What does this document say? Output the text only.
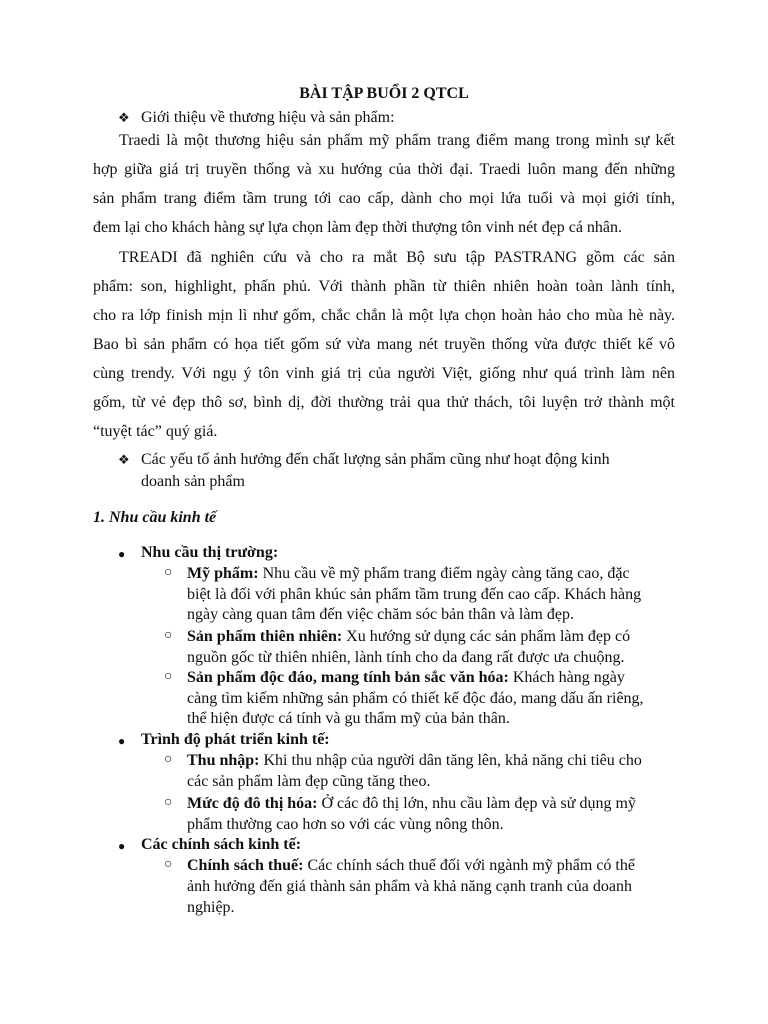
BÀI TẬP BUỔI 2 QTCL
❖ Giới thiệu về thương hiệu và sản phẩm:
Traedi là một thương hiệu sản phẩm mỹ phẩm trang điểm mang trong mình sự kết
hợp giữa giá trị truyền thống và xu hướng của thời đại. Traedi luôn mang đến những
sản phẩm trang điểm tầm trung tới cao cấp, dành cho mọi lứa tuổi và mọi giới tính,
đem lại cho khách hàng sự lựa chọn làm đẹp thời thượng tôn vinh nét đẹp cá nhân.
TREADI đã nghiên cứu và cho ra mắt Bộ sưu tập PASTRANG gồm các sản
phẩm: son, highlight, phấn phủ. Với thành phần từ thiên nhiên hoàn toàn lành tính,
cho ra lớp finish mịn lì như gốm, chắc chắn là một lựa chọn hoàn hảo cho mùa hè này.
Bao bì sản phẩm có họa tiết gốm sứ vừa mang nét truyền thống vừa được thiết kế vô
cùng trendy. Với ngụ ý tôn vinh giá trị của người Việt, giống như quá trình làm nên
gốm, từ vẻ đẹp thô sơ, bình dị, đời thường trải qua thử thách, tôi luyện trở thành một
“tuyệt tác” quý giá.
❖ Các yếu tố ảnh hưởng đến chất lượng sản phẩm cũng như hoạt động kinh
doanh sản phẩm
1. Nhu cầu kinh tế
● Nhu cầu thị trường:
○ Mỹ phẩm: Nhu cầu về mỹ phẩm trang điểm ngày càng tăng cao, đặc
biệt là đối với phân khúc sản phẩm tầm trung đến cao cấp. Khách hàng
ngày càng quan tâm đến việc chăm sóc bản thân và làm đẹp.
○ Sản phẩm thiên nhiên: Xu hướng sử dụng các sản phẩm làm đẹp có
nguồn gốc từ thiên nhiên, lành tính cho da đang rất được ưa chuộng.
○ Sản phẩm độc đáo, mang tính bản sắc văn hóa: Khách hàng ngày
càng tìm kiếm những sản phẩm có thiết kế độc đáo, mang dấu ấn riêng,
thể hiện được cá tính và gu thẩm mỹ của bản thân.
● Trình độ phát triển kinh tế:
○ Thu nhập: Khi thu nhập của người dân tăng lên, khả năng chi tiêu cho
các sản phẩm làm đẹp cũng tăng theo.
○ Mức độ đô thị hóa: Ở các đô thị lớn, nhu cầu làm đẹp và sử dụng mỹ
phẩm thường cao hơn so với các vùng nông thôn.
● Các chính sách kinh tế:
○ Chính sách thuế: Các chính sách thuế đối với ngành mỹ phẩm có thể
ảnh hưởng đến giá thành sản phẩm và khả năng cạnh tranh của doanh
nghiệp.
